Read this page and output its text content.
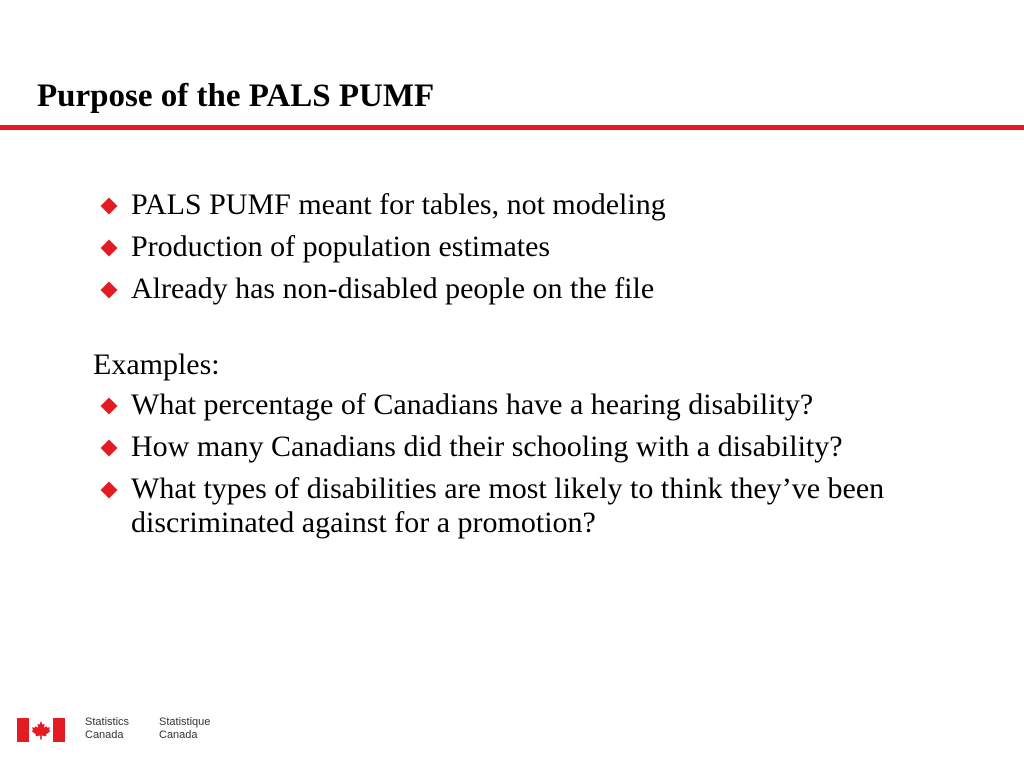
Purpose of the PALS PUMF
PALS PUMF meant for tables, not modeling
Production of population estimates
Already has non-disabled people on the file

Examples:

What percentage of Canadians have a hearing disability?
How many Canadians did their schooling with a disability?
What types of disabilities are most likely to think they’ve been discriminated against for a promotion?
Statistics
Canada
Statistique
Canada
